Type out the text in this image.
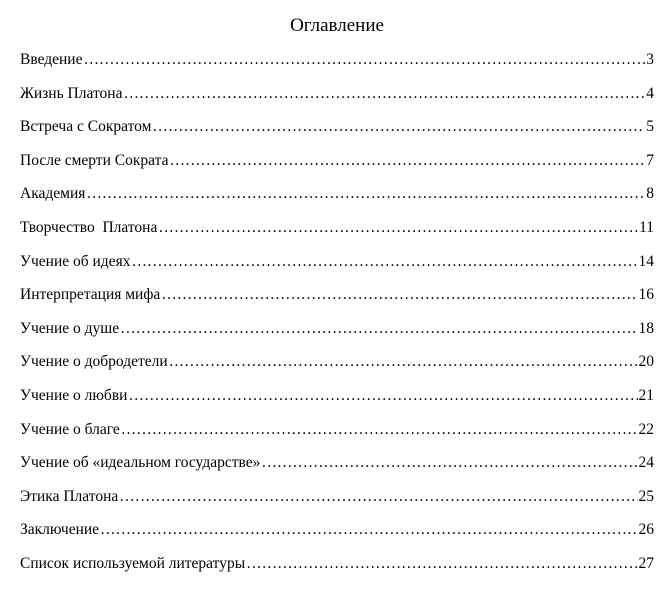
Оглавление
Введение ……………………………………………………………………………………………………………………………………………………………………………………………………	3
Жизнь Платона ……………………………………………………………………………………………………………………………………………………………………………………………………	4
Встреча с Сократом ……………………………………………………………………………………………………………………………………………………………………………………………………	5
После смерти Сократа ……………………………………………………………………………………………………………………………………………………………………………………………………	7
Академия ……………………………………………………………………………………………………………………………………………………………………………………………………	8
Творчество  Платона ……………………………………………………………………………………………………………………………………………………………………………………………………	11
Учение об идеях ……………………………………………………………………………………………………………………………………………………………………………………………………	14
Интерпретация мифа ……………………………………………………………………………………………………………………………………………………………………………………………………	16
Учение о душе ……………………………………………………………………………………………………………………………………………………………………………………………………	18
Учение о добродетели ……………………………………………………………………………………………………………………………………………………………………………………………………	20
Учение о любви ……………………………………………………………………………………………………………………………………………………………………………………………………	21
Учение о благе ……………………………………………………………………………………………………………………………………………………………………………………………………	22
Учение об «идеальном государстве» ……………………………………………………………………………………………………………………………………………………………………………………………………	24
Этика Платона ……………………………………………………………………………………………………………………………………………………………………………………………………	25
Заключение ……………………………………………………………………………………………………………………………………………………………………………………………………	26
Список используемой литературы ……………………………………………………………………………………………………………………………………………………………………………………………………	27
